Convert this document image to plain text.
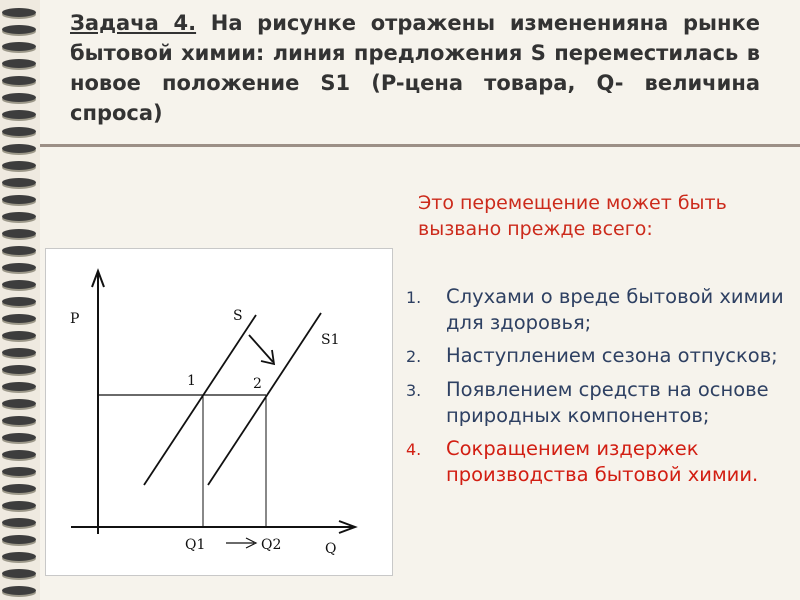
Задача 4. На рисунке отражены изменениянa рынке бытовой химии: линия предложения S переместилась в новое положение S1 (P-цена товара, Q- величина спроса)
P	S
S1
1	2
Q1	Q2	Q
Это перемещение может быть вызвано прежде всего:
1.	Слухами о вреде бытовой химии для здоровья;
2.	Наступлением сезона отпусков;
3.	Появлением средств на основе природных компонентов;
4.	Сокращением издержек производства бытовой химии.
